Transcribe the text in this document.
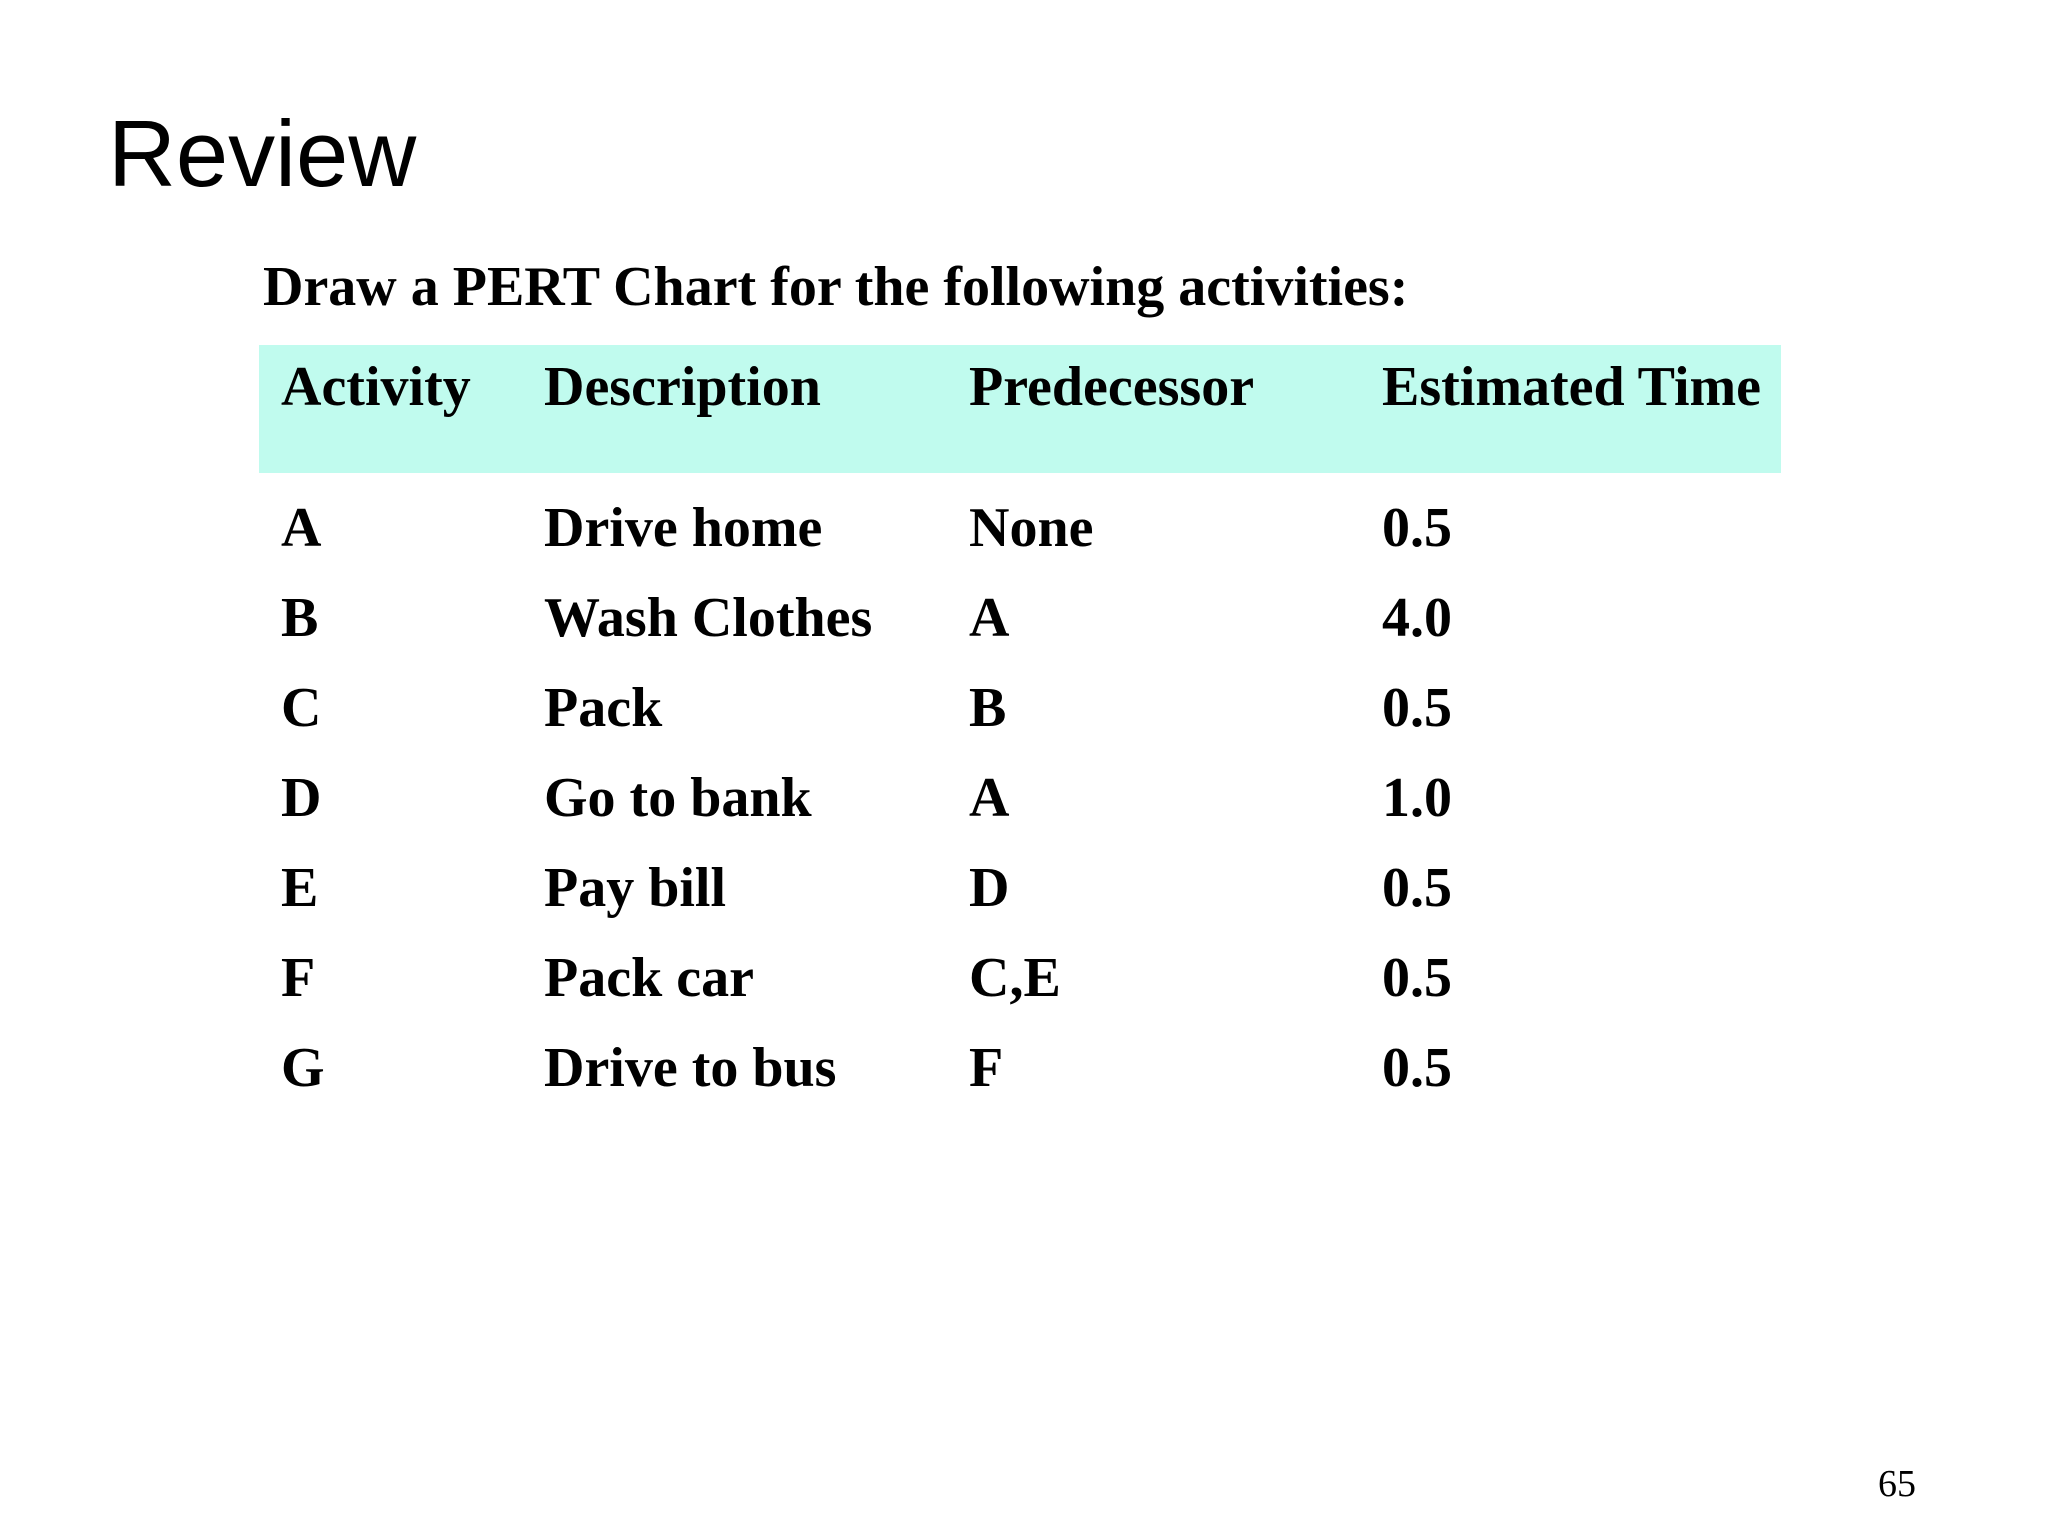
Review

Draw a PERT Chart for the following activities:

Activity	Description	Predecessor	Estimated Time
A	Drive home	None	0.5
B	Wash Clothes	A	4.0
C	Pack	B	0.5
D	Go to bank	A	1.0
E	Pay bill	D	0.5
F	Pack car	C,E	0.5
G	Drive to bus	F	0.5

65
